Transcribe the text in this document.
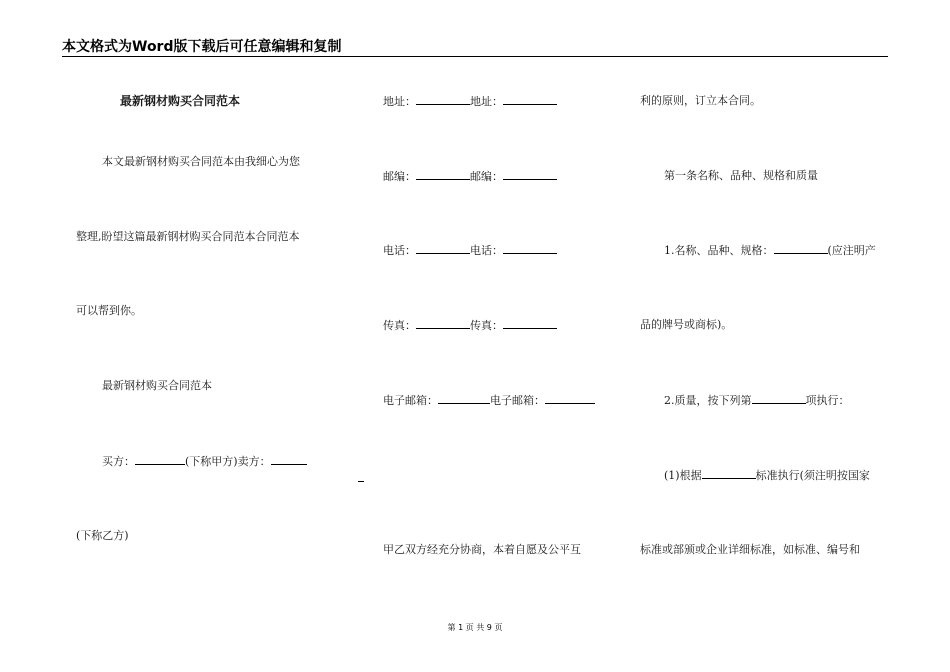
本文格式为Word版下载后可任意编辑和复制
最新钢材购买合同范本
本文最新钢材购买合同范本由我细心为您
整理,盼望这篇最新钢材购买合同范本合同范本
可以帮到你。
最新钢材购买合同范本
买方：	(下称甲方)卖方：
(下称乙方)
地址：	地址：
邮编：	邮编：
电话：	电话：
传真：	传真：
电子邮箱：	电子邮箱：
甲乙双方经充分协商，本着自愿及公平互
利的原则，订立本合同。
第一条名称、品种、规格和质量
1.名称、品种、规格：	(应注明产
品的牌号或商标)。
2.质量，按下列第	项执行：
(1)根据	标准执行(须注明按国家
标准或部颁或企业详细标准，如标准、编号和
第 1 页 共 9 页
